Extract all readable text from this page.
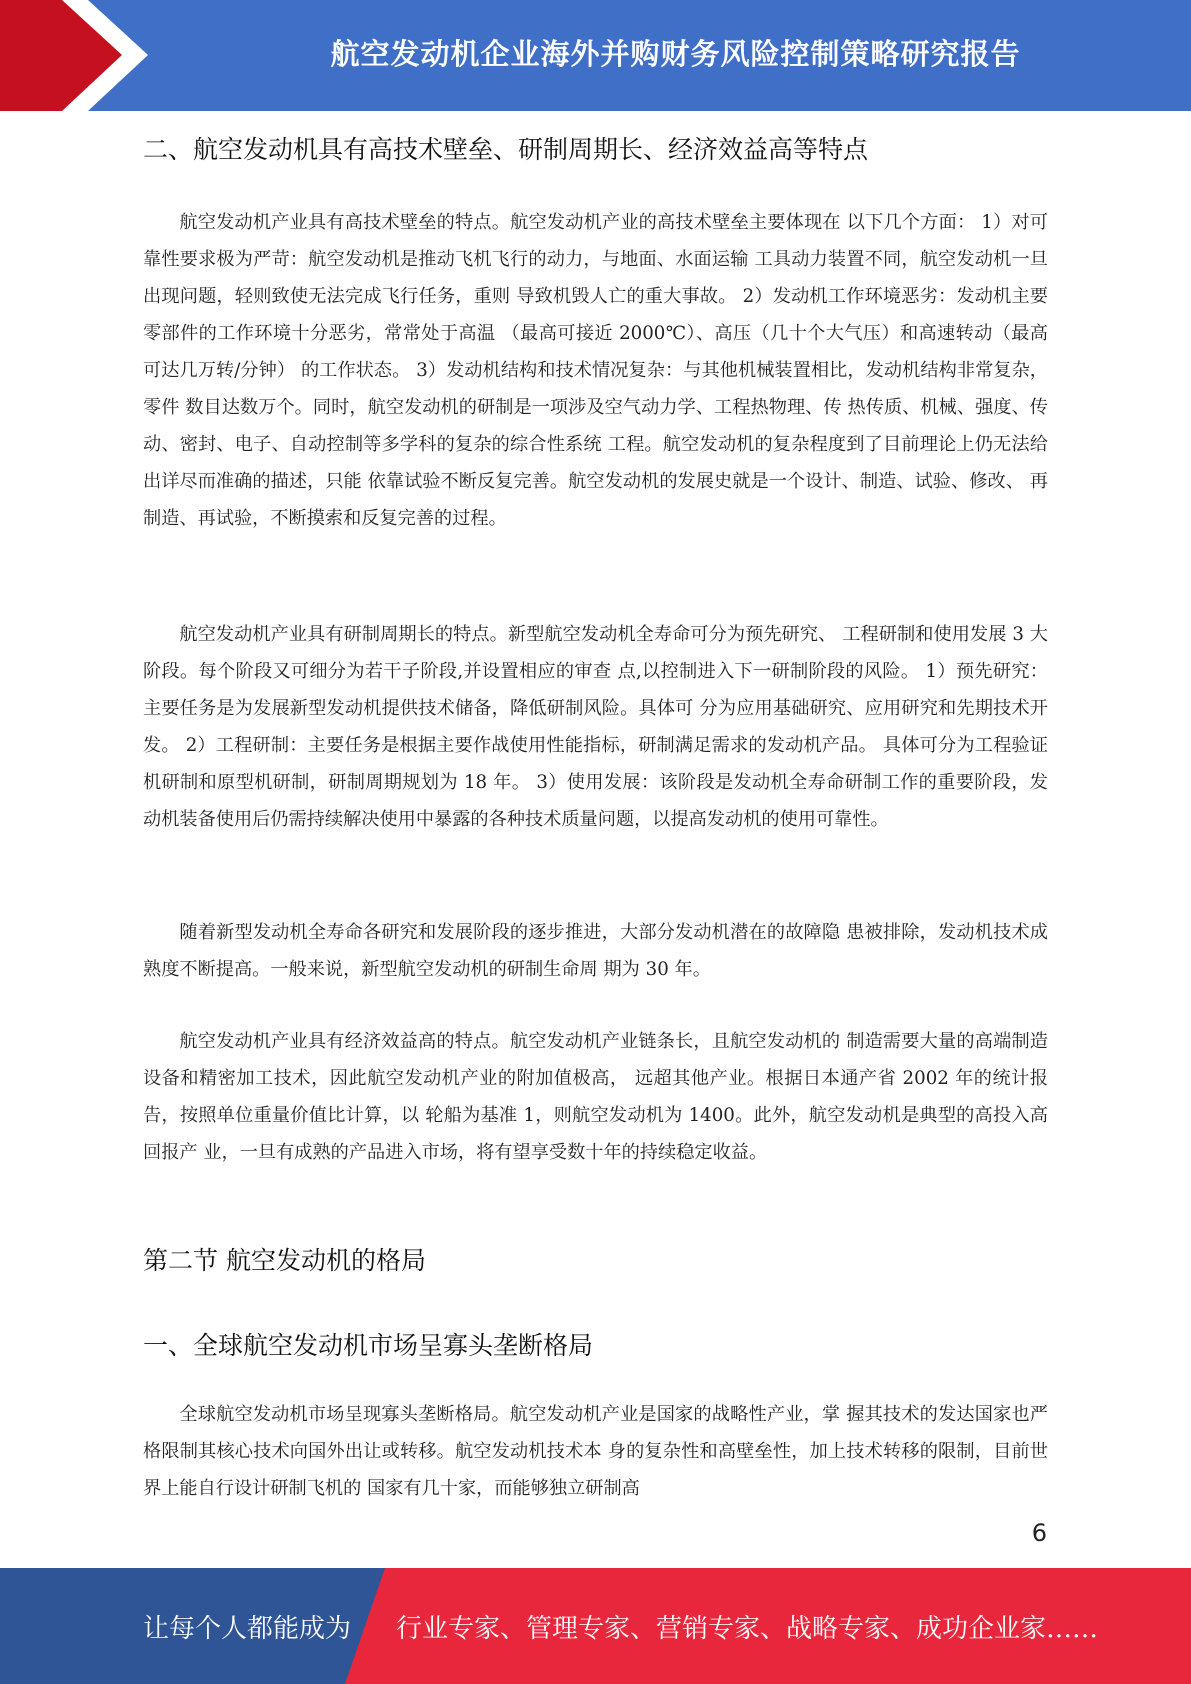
航空发动机企业海外并购财务风险控制策略研究报告
二、航空发动机具有高技术壁垒、研制周期长、经济效益高等特点

航空发动机产业具有高技术壁垒的特点。航空发动机产业的高技术壁垒主要体现在 以下几个方面： 1）对可靠性要求极为严苛：航空发动机是推动飞机飞行的动力，与地面、水面运输 工具动力装置不同，航空发动机一旦出现问题，轻则致使无法完成飞行任务，重则 导致机毁人亡的重大事故。 2）发动机工作环境恶劣：发动机主要零部件的工作环境十分恶劣，常常处于高温 （最高可接近 2000℃）、高压（几十个大气压）和高速转动（最高可达几万转/分钟） 的工作状态。 3）发动机结构和技术情况复杂：与其他机械装置相比，发动机结构非常复杂，零件 数目达数万个。同时，航空发动机的研制是一项涉及空气动力学、工程热物理、传 热传质、机械、强度、传动、密封、电子、自动控制等多学科的复杂的综合性系统 工程。航空发动机的复杂程度到了目前理论上仍无法给出详尽而准确的描述，只能 依靠试验不断反复完善。航空发动机的发展史就是一个设计、制造、试验、修改、 再制造、再试验，不断摸索和反复完善的过程。

航空发动机产业具有研制周期长的特点。新型航空发动机全寿命可分为预先研究、 工程研制和使用发展 3 大阶段。每个阶段又可细分为若干子阶段,并设置相应的审查 点,以控制进入下一研制阶段的风险。 1）预先研究：主要任务是为发展新型发动机提供技术储备，降低研制风险。具体可 分为应用基础研究、应用研究和先期技术开发。 2）工程研制：主要任务是根据主要作战使用性能指标，研制满足需求的发动机产品。 具体可分为工程验证机研制和原型机研制，研制周期规划为 18 年。 3）使用发展：该阶段是发动机全寿命研制工作的重要阶段，发动机装备使用后仍需持续解决使用中暴露的各种技术质量问题，以提高发动机的使用可靠性。

随着新型发动机全寿命各研究和发展阶段的逐步推进，大部分发动机潜在的故障隐 患被排除，发动机技术成熟度不断提高。一般来说，新型航空发动机的研制生命周 期为 30 年。

航空发动机产业具有经济效益高的特点。航空发动机产业链条长，且航空发动机的 制造需要大量的高端制造设备和精密加工技术，因此航空发动机产业的附加值极高， 远超其他产业。根据日本通产省 2002 年的统计报告，按照单位重量价值比计算，以 轮船为基准 1，则航空发动机为 1400。此外，航空发动机是典型的高投入高回报产 业，一旦有成熟的产品进入市场，将有望享受数十年的持续稳定收益。

第二节 航空发动机的格局
一、全球航空发动机市场呈寡头垄断格局

全球航空发动机市场呈现寡头垄断格局。航空发动机产业是国家的战略性产业，掌 握其技术的发达国家也严格限制其核心技术向国外出让或转移。航空发动机技术本 身的复杂性和高壁垒性，加上技术转移的限制，目前世界上能自行设计研制飞机的 国家有几十家，而能够独立研制高

6
让每个人都能成为 行业专家、管理专家、营销专家、战略专家、成功企业家……
